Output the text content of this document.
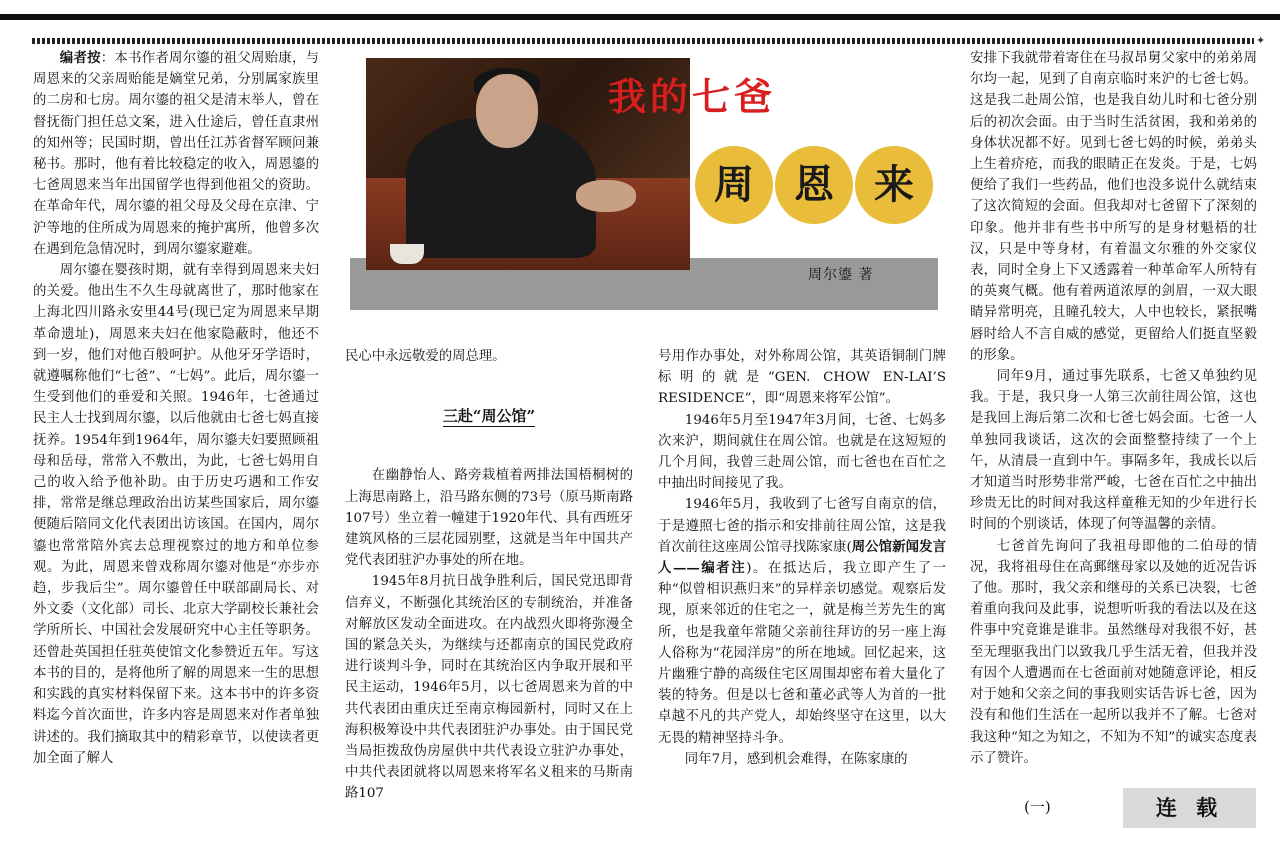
✦

编者按：本书作者周尔鎏的祖父周贻康，与周恩来的父亲周贻能是嫡堂兄弟，分别属家族里的二房和七房。周尔鎏的祖父是清末举人，曾在督抚衙门担任总文案，进入仕途后，曾任直隶州的知州等；民国时期，曾出任江苏省督军顾问兼秘书。那时，他有着比较稳定的收入，周恩鎏的七爸周恩来当年出国留学也得到他祖父的资助。在革命年代，周尔鎏的祖父母及父母在京津、宁沪等地的住所成为周恩来的掩护寓所，他曾多次在遇到危急情况时，到周尔鎏家避难。

周尔鎏在婴孩时期，就有幸得到周恩来夫妇的关爱。他出生不久生母就离世了，那时他家在上海北四川路永安里44号(现已定为周恩来早期革命遗址)，周恩来夫妇在他家隐蔽时，他还不到一岁，他们对他百般呵护。从他牙牙学语时，就遵嘱称他们“七爸”、“七妈”。此后，周尔鎏一生受到他们的垂爱和关照。1946年，七爸通过民主人士找到周尔鎏，以后他就由七爸七妈直接抚养。1954年到1964年，周尔鎏夫妇要照顾祖母和岳母，常常入不敷出，为此，七爸七妈用自己的收入给予他补助。由于历史巧遇和工作安排，常常是继总理政治出访某些国家后，周尔鎏便随后陪同文化代表团出访该国。在国内，周尔鎏也常常陪外宾去总理视察过的地方和单位参观。为此，周恩来曾戏称周尔鎏对他是“亦步亦趋，步我后尘”。周尔鎏曾任中联部副局长、对外文委（文化部）司长、北京大学副校长兼社会学所所长、中国社会发展研究中心主任等职务。还曾赴英国担任驻英使馆文化参赞近五年。写这本书的目的，是将他所了解的周恩来一生的思想和实践的真实材料保留下来。这本书中的许多资料迄今首次面世，许多内容是周恩来对作者单独讲述的。我们摘取其中的精彩章节，以使读者更加全面了解人

我的七爸
周	恩	来
周尔鎏 著

民心中永远敬爱的周总理。

三赴“周公馆”

在幽静怡人、路旁栽植着两排法国梧桐树的上海思南路上，沿马路东侧的73号（原马斯南路107号）坐立着一幢建于1920年代、具有西班牙建筑风格的三层花园别墅，这就是当年中国共产党代表团驻沪办事处的所在地。

1945年8月抗日战争胜利后，国民党迅即背信弃义，不断强化其统治区的专制统治，并准备对解放区发动全面进攻。在内战烈火即将弥漫全国的紧急关头，为继续与还都南京的国民党政府进行谈判斗争，同时在其统治区内争取开展和平民主运动，1946年5月，以七爸周恩来为首的中共代表团由重庆迁至南京梅园新村，同时又在上海积极筹设中共代表团驻沪办事处。由于国民党当局拒拨敌伪房屋供中共代表设立驻沪办事处，中共代表团就将以周恩来将军名义租来的马斯南路107

号用作办事处，对外称周公馆，其英语铜制门牌标明的就是“GEN. CHOW EN-LAI’S RESIDENCE”，即“周恩来将军公馆”。

1946年5月至1947年3月间，七爸、七妈多次来沪，期间就住在周公馆。也就是在这短短的几个月间，我曾三赴周公馆，而七爸也在百忙之中抽出时间接见了我。

1946年5月，我收到了七爸写自南京的信，于是遵照七爸的指示和安排前往周公馆，这是我首次前往这座周公馆寻找陈家康(周公馆新闻发言人——编者注)。在抵达后，我立即产生了一种“似曾相识燕归来”的异样亲切感觉。观察后发现，原来邻近的住宅之一，就是梅兰芳先生的寓所，也是我童年常随父亲前往拜访的另一座上海人俗称为“花园洋房”的所在地域。回忆起来，这片幽雅宁静的高级住宅区周围却密布着大量化了装的特务。但是以七爸和董必武等人为首的一批卓越不凡的共产党人，却始终坚守在这里，以大无畏的精神坚持斗争。

同年7月，感到机会难得，在陈家康的

安排下我就带着寄住在马叔昂舅父家中的弟弟周尔均一起，见到了自南京临时来沪的七爸七妈。这是我二赴周公馆，也是我自幼儿时和七爸分别后的初次会面。由于当时生活贫困，我和弟弟的身体状况都不好。见到七爸七妈的时候，弟弟头上生着疥疮，而我的眼睛正在发炎。于是，七妈便给了我们一些药品，他们也没多说什么就结束了这次简短的会面。但我却对七爸留下了深刻的印象。他并非有些书中所写的是身材魁梧的壮汉，只是中等身材，有着温文尔雅的外交家仪表，同时全身上下又透露着一种革命军人所特有的英爽气概。他有着两道浓厚的剑眉，一双大眼睛异常明亮，且瞳孔较大，人中也较长，紧抿嘴唇时给人不言自威的感觉，更留给人们挺直坚毅的形象。

同年9月，通过事先联系，七爸又单独约见我。于是，我只身一人第三次前往周公馆，这也是我回上海后第二次和七爸七妈会面。七爸一人单独同我谈话，这次的会面整整持续了一个上午，从清晨一直到中午。事隔多年，我成长以后才知道当时形势非常严峻，七爸在百忙之中抽出珍贵无比的时间对我这样童稚无知的少年进行长时间的个别谈话，体现了何等温馨的亲情。

七爸首先询问了我祖母即他的二伯母的情况，我将祖母住在高郵继母家以及她的近况告诉了他。那时，我父亲和继母的关系已决裂，七爸着重向我问及此事，说想听听我的看法以及在这件事中究竟谁是谁非。虽然继母对我很不好，甚至无理驱我出门以致我几乎生活无着，但我并没有因个人遭遇而在七爸面前对她随意评论，相反对于她和父亲之间的事我则实话告诉七爸，因为没有和他们生活在一起所以我并不了解。七爸对我这种“知之为知之，不知为不知”的诚实态度表示了赞许。

(一)	连 载
